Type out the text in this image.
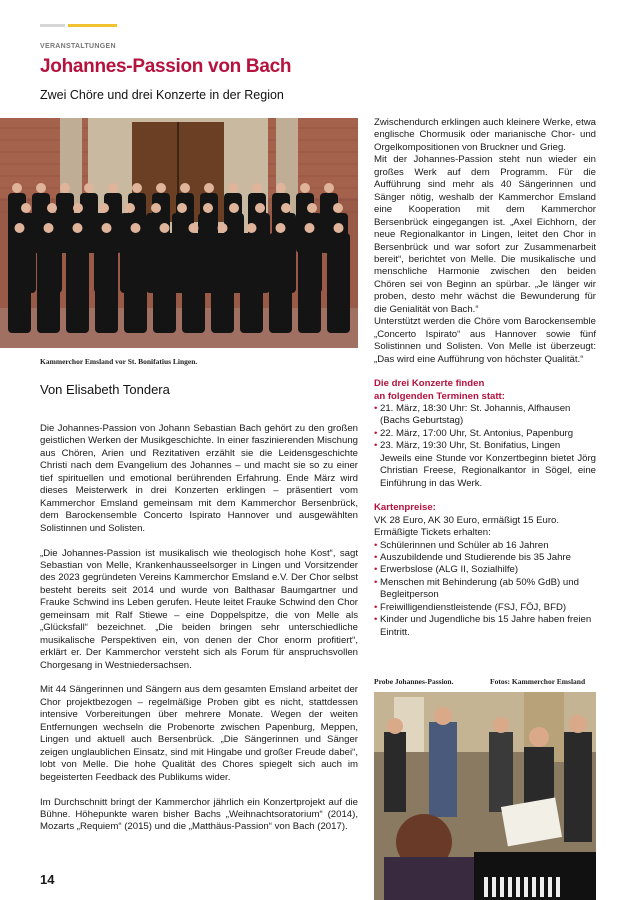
VERANSTALTUNGEN
Johannes-Passion von Bach
Zwei Chöre und drei Konzerte in der Region
Kammerchor Emsland vor St. Bonifatius Lingen.
Von Elisabeth Tondera

Die Johannes-Passion von Johann Sebastian Bach gehört zu den großen geistlichen Werken der Musikgeschichte. In einer faszinierenden Mischung aus Chören, Arien und Rezitativen erzählt sie die Leidensgeschichte Christi nach dem Evangelium des Johannes – und macht sie so zu einer tief spirituellen und emotional berührenden Erfahrung. Ende März wird dieses Meisterwerk in drei Konzerten erklingen – präsentiert vom Kammerchor Emsland gemeinsam mit dem Kammerchor Bersenbrück, dem Barockensemble Concerto Ispirato Hannover und ausgewählten Solistinnen und Solisten.

„Die Johannes-Passion ist musikalisch wie theologisch hohe Kost“, sagt Sebastian von Melle, Krankenhausseelsorger in Lingen und Vorsitzender des 2023 gegründeten Vereins Kammerchor Emsland e.V. Der Chor selbst besteht bereits seit 2014 und wurde von Balthasar Baumgartner und Frauke Schwind ins Leben gerufen. Heute leitet Frauke Schwind den Chor gemeinsam mit Ralf Stiewe – eine Doppelspitze, die von Melle als „Glücksfall“ bezeichnet. „Die beiden bringen sehr unterschiedliche musikalische Perspektiven ein, von denen der Chor enorm profitiert“, erklärt er. Der Kammerchor versteht sich als Forum für anspruchsvollen Chorgesang in Westniedersachsen.

Mit 44 Sängerinnen und Sängern aus dem gesamten Emsland arbeitet der Chor projektbezogen – regelmäßige Proben gibt es nicht, stattdessen intensive Vorbereitungen über mehrere Monate. Wegen der weiten Entfernungen wechseln die Probenorte zwischen Papenburg, Meppen, Lingen und aktuell auch Bersenbrück. „Die Sängerinnen und Sänger zeigen unglaublichen Einsatz, sind mit Hingabe und großer Freude dabei“, lobt von Melle. Die hohe Qualität des Chores spiegelt sich auch im begeisterten Feedback des Publikums wider.

Im Durchschnitt bringt der Kammerchor jährlich ein Konzertprojekt auf die Bühne. Höhepunkte waren bisher Bachs „Weihnachtsoratorium“ (2014), Mozarts „Requiem“ (2015) und die „Matthäus-Passion“ von Bach (2017).

Zwischendurch erklingen auch kleinere Werke, etwa englische Chormusik oder marianische Chor- und Orgelkompositionen von Bruckner und Grieg.

Mit der Johannes-Passion steht nun wieder ein großes Werk auf dem Programm. Für die Aufführung sind mehr als 40 Sängerinnen und Sänger nötig, weshalb der Kammerchor Emsland eine Kooperation mit dem Kammerchor Bersenbrück eingegangen ist. „Axel Eichhorn, der neue Regionalkantor in Lingen, leitet den Chor in Bersenbrück und war sofort zur Zusammenarbeit bereit“, berichtet von Melle. Die musikalische und menschliche Harmonie zwischen den beiden Chören sei von Beginn an spürbar. „Je länger wir proben, desto mehr wächst die Bewunderung für die Genialität von Bach.“

Unterstützt werden die Chöre vom Barockensemble „Concerto Ispirato“ aus Hannover sowie fünf Solistinnen und Solisten. Von Melle ist überzeugt: „Das wird eine Aufführung von höchster Qualität.“

Die drei Konzerte finden
an folgenden Terminen statt:
• 21. März, 18:30 Uhr: St. Johannis, Alfhausen (Bachs Geburtstag)
• 22. März, 17:00 Uhr, St. Antonius, Papenburg
• 23. März, 19:30 Uhr, St. Bonifatius, Lingen

Jeweils eine Stunde vor Konzertbeginn bietet Jörg Christian Freese, Regionalkantor in Sögel, eine Einführung in das Werk.

Kartenpreise:
VK 28 Euro, AK 30 Euro, ermäßigt 15 Euro.
Ermäßigte Tickets erhalten:
• Schülerinnen und Schüler ab 16 Jahren
• Auszubildende und Studierende bis 35 Jahre
• Erwerbslose (ALG II, Sozialhilfe)
• Menschen mit Behinderung (ab 50% GdB) und Begleitperson
• Freiwilligendienstleistende (FSJ, FÖJ, BFD)
• Kinder und Jugendliche bis 15 Jahre haben freien Eintritt.
Probe Johannes-Passion.	Fotos: Kammerchor Emsland
14
